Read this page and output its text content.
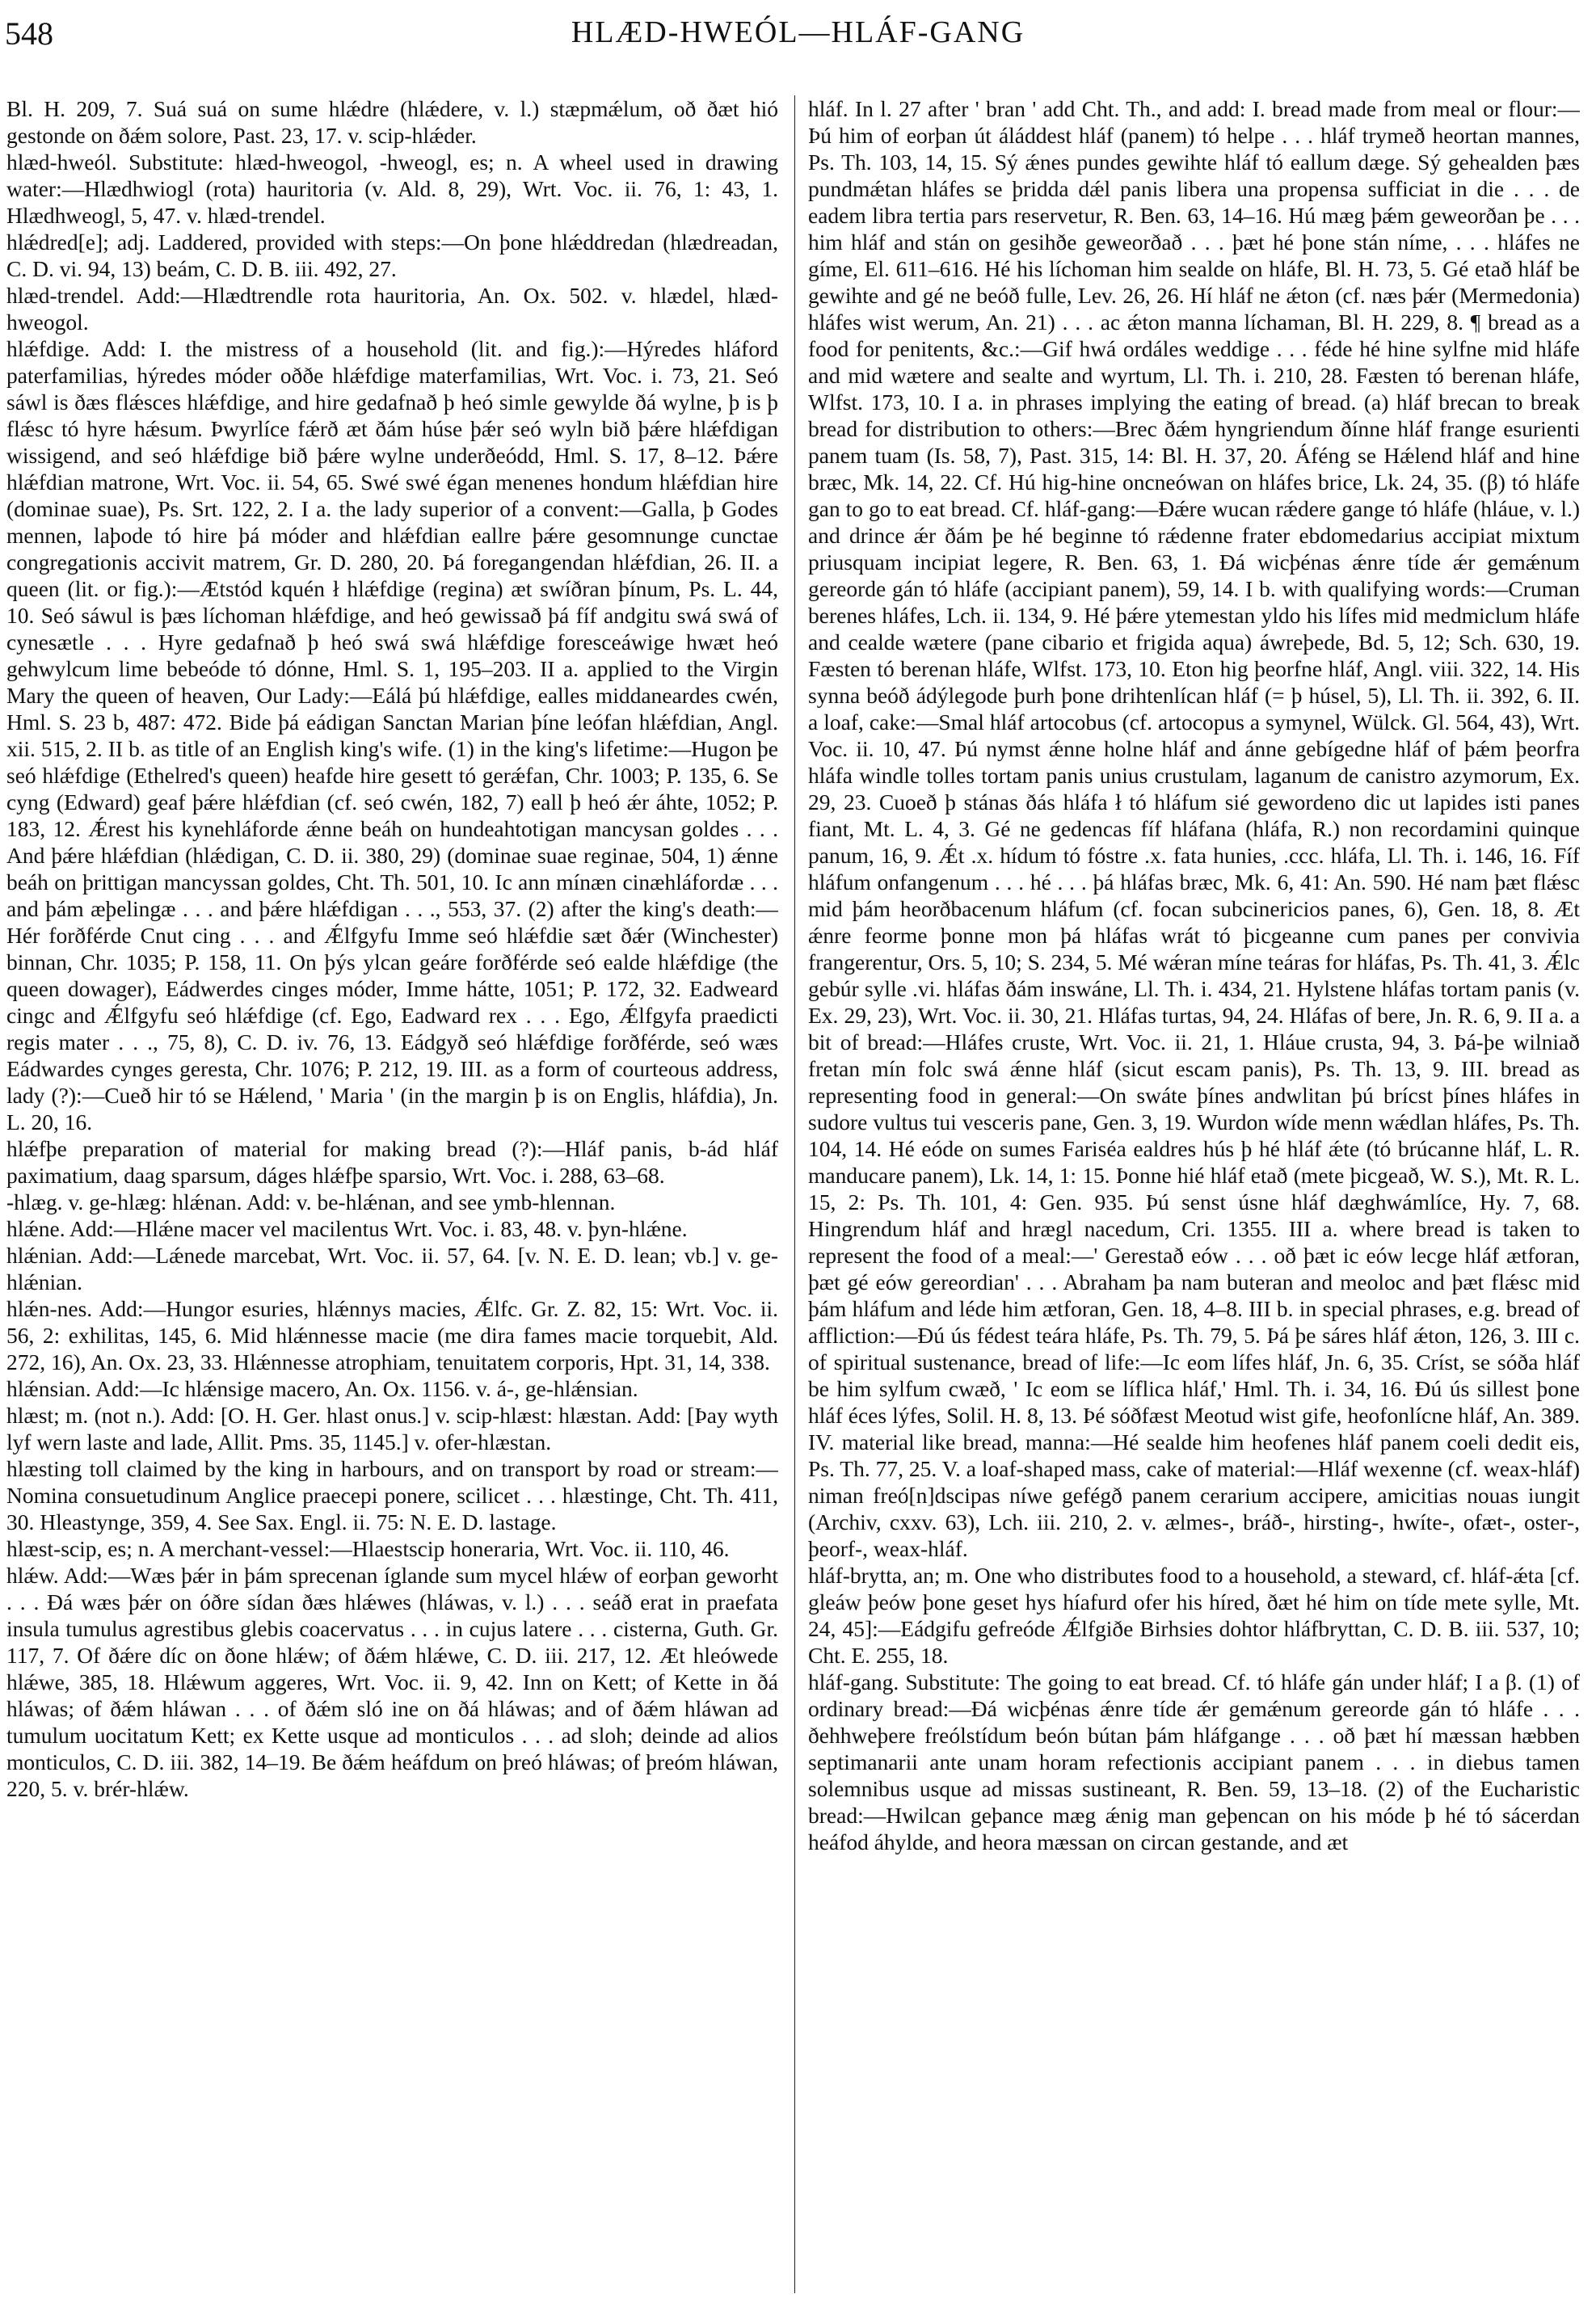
548	HLÆD-HWEÓL—HLÁF-GANG

Bl. H. 209, 7. Suá suá on sume hlǽdre (hlǽdere, v. l.) stæpmǽlum, oð ðæt hió gestonde on ðǽm solore, Past. 23, 17. v. scip-hlǽder.

hlæd-hweól. Substitute: hlæd-hweogol, -hweogl, es; n. A wheel used in drawing water:—Hlædhwiogl (rota) hauritoria (v. Ald. 8, 29), Wrt. Voc. ii. 76, 1: 43, 1. Hlædhweogl, 5, 47. v. hlæd-trendel.

hlǽdred[e]; adj. Laddered, provided with steps:—On þone hlǽddredan (hlædreadan, C. D. vi. 94, 13) beám, C. D. B. iii. 492, 27.

hlæd-trendel. Add:—Hlædtrendle rota hauritoria, An. Ox. 502. v. hlædel, hlæd-hweogol.

hlǽfdige. Add: I. the mistress of a household (lit. and fig.):—Hýredes hláford paterfamilias, hýredes móder oððe hlǽfdige materfamilias, Wrt. Voc. i. 73, 21. Seó sáwl is ðæs flǽsces hlǽfdige, and hire gedafnað þ heó simle gewylde ðá wylne, þ is þ flǽsc tó hyre hǽsum. Þwyrlíce fǽrð æt ðám húse þǽr seó wyln bið þǽre hlǽfdigan wissigend, and seó hlǽfdige bið þǽre wylne underðeódd, Hml. S. 17, 8–12. Þǽre hlǽfdian matrone, Wrt. Voc. ii. 54, 65. Swé swé égan menenes hondum hlǽfdian hire (dominae suae), Ps. Srt. 122, 2. I a. the lady superior of a convent:—Galla, þ Godes mennen, laþode tó hire þá móder and hlǽfdian eallre þǽre gesomnunge cunctae congregationis accivit matrem, Gr. D. 280, 20. Þá foregangendan hlǽfdian, 26. II. a queen (lit. or fig.):—Ætstód kquén ł hlǽfdige (regina) æt swíðran þínum, Ps. L. 44, 10. Seó sáwul is þæs líchoman hlǽfdige, and heó gewissað þá fíf andgitu swá swá of cynesætle . . . Hyre gedafnað þ heó swá swá hlǽfdige foresceáwige hwæt heó gehwylcum lime bebeóde tó dónne, Hml. S. 1, 195–203. II a. applied to the Virgin Mary the queen of heaven, Our Lady:—Eálá þú hlǽfdige, ealles middaneardes cwén, Hml. S. 23 b, 487: 472. Bide þá eádigan Sanctan Marian þíne leófan hlǽfdian, Angl. xii. 515, 2. II b. as title of an English king's wife. (1) in the king's lifetime:—Hugon þe seó hlǽfdige (Ethelred's queen) heafde hire gesett tó gerǽfan, Chr. 1003; P. 135, 6. Se cyng (Edward) geaf þǽre hlǽfdian (cf. seó cwén, 182, 7) eall þ heó ǽr áhte, 1052; P. 183, 12. Ǽrest his kynehláforde ǽnne beáh on hundeahtotigan mancysan goldes . . . And þǽre hlǽfdian (hlǽdigan, C. D. ii. 380, 29) (dominae suae reginae, 504, 1) ǽnne beáh on þrittigan mancyssan goldes, Cht. Th. 501, 10. Ic ann mínæn cinæhláfordæ . . . and þám æþelingæ . . . and þǽre hlǽfdigan . . ., 553, 37. (2) after the king's death:—Hér forðférde Cnut cing . . . and Ǽlfgyfu Imme seó hlǽfdie sæt ðǽr (Winchester) binnan, Chr. 1035; P. 158, 11. On þýs ylcan geáre forðférde seó ealde hlǽfdige (the queen dowager), Eádwerdes cinges móder, Imme hátte, 1051; P. 172, 32. Eadweard cingc and Ǽlfgyfu seó hlǽfdige (cf. Ego, Eadward rex . . . Ego, Ǽlfgyfa praedicti regis mater . . ., 75, 8), C. D. iv. 76, 13. Eádgyð seó hlǽfdige forðférde, seó wæs Eádwardes cynges geresta, Chr. 1076; P. 212, 19. III. as a form of courteous address, lady (?):—Cueð hir tó se Hǽlend, ' Maria ' (in the margin þ is on Englis, hláfdia), Jn. L. 20, 16.

hlǽfþe preparation of material for making bread (?):—Hláf panis, b-ád hláf paximatium, daag sparsum, dáges hlǽfþe sparsio, Wrt. Voc. i. 288, 63–68.

-hlæg. v. ge-hlæg: hlǽnan. Add: v. be-hlǽnan, and see ymb-hlennan.

hlǽne. Add:—Hlǽne macer vel macilentus Wrt. Voc. i. 83, 48. v. þyn-hlǽne.

hlǽnian. Add:—Lǽnede marcebat, Wrt. Voc. ii. 57, 64. [v. N. E. D. lean; vb.] v. ge-hlǽnian.

hlǽn-nes. Add:—Hungor esuries, hlǽnnys macies, Ǽlfc. Gr. Z. 82, 15: Wrt. Voc. ii. 56, 2: exhilitas, 145, 6. Mid hlǽnnesse macie (me dira fames macie torquebit, Ald. 272, 16), An. Ox. 23, 33. Hlǽnnesse atrophiam, tenuitatem corporis, Hpt. 31, 14, 338.

hlǽnsian. Add:—Ic hlǽnsige macero, An. Ox. 1156. v. á-, ge-hlǽnsian.

hlæst; m. (not n.). Add: [O. H. Ger. hlast onus.] v. scip-hlæst: hlæstan. Add: [Þay wyth lyf wern laste and lade, Allit. Pms. 35, 1145.] v. ofer-hlæstan.

hlæsting toll claimed by the king in harbours, and on transport by road or stream:—Nomina consuetudinum Anglice praecepi ponere, scilicet . . . hlæstinge, Cht. Th. 411, 30. Hleastynge, 359, 4. See Sax. Engl. ii. 75: N. E. D. lastage.

hlæst-scip, es; n. A merchant-vessel:—Hlaestscip honeraria, Wrt. Voc. ii. 110, 46.

hlǽw. Add:—Wæs þǽr in þám sprecenan íglande sum mycel hlǽw of eorþan geworht . . . Ðá wæs þǽr on óðre sídan ðæs hlǽwes (hláwas, v. l.) . . . seáð erat in praefata insula tumulus agrestibus glebis coacervatus . . . in cujus latere . . . cisterna, Guth. Gr. 117, 7. Of ðǽre díc on ðone hlǽw; of ðǽm hlǽwe, C. D. iii. 217, 12. Æt hleówede hlǽwe, 385, 18. Hlǽwum aggeres, Wrt. Voc. ii. 9, 42. Inn on Kett; of Kette in ðá hláwas; of ðǽm hláwan . . . of ðǽm sló ine on ðá hláwas; and of ðǽm hláwan ad tumulum uocitatum Kett; ex Kette usque ad monticulos . . . ad sloh; deinde ad alios monticulos, C. D. iii. 382, 14–19. Be ðǽm heáfdum on þreó hláwas; of þreóm hláwan, 220, 5. v. brér-hlǽw.

hláf. In l. 27 after ' bran ' add Cht. Th., and add: I. bread made from meal or flour:—Þú him of eorþan út áláddest hláf (panem) tó helpe . . . hláf trymeð heortan mannes, Ps. Th. 103, 14, 15. Sý ǽnes pundes gewihte hláf tó eallum dæge. Sý gehealden þæs pundmǽtan hláfes se þridda dǽl panis libera una propensa sufficiat in die . . . de eadem libra tertia pars reservetur, R. Ben. 63, 14–16. Hú mæg þǽm geweorðan þe . . . him hláf and stán on gesihðe geweorðað . . . þæt hé þone stán níme, . . . hláfes ne gíme, El. 611–616. Hé his líchoman him sealde on hláfe, Bl. H. 73, 5. Gé etað hláf be gewihte and gé ne beóð fulle, Lev. 26, 26. Hí hláf ne ǽton (cf. næs þǽr (Mermedonia) hláfes wist werum, An. 21) . . . ac ǽton manna líchaman, Bl. H. 229, 8. ¶ bread as a food for penitents, &c.:—Gif hwá ordáles weddige . . . féde hé hine sylfne mid hláfe and mid wætere and sealte and wyrtum, Ll. Th. i. 210, 28. Fæsten tó berenan hláfe, Wlfst. 173, 10. I a. in phrases implying the eating of bread. (a) hláf brecan to break bread for distribution to others:—Brec ðǽm hyngriendum ðínne hláf frange esurienti panem tuam (Is. 58, 7), Past. 315, 14: Bl. H. 37, 20. Áféng se Hǽlend hláf and hine bræc, Mk. 14, 22. Cf. Hú hig-hine oncneówan on hláfes brice, Lk. 24, 35. (β) tó hláfe gan to go to eat bread. Cf. hláf-gang:—Ðǽre wucan rǽdere gange tó hláfe (hláue, v. l.) and drince ǽr ðám þe hé beginne tó rǽdenne frater ebdomedarius accipiat mixtum priusquam incipiat legere, R. Ben. 63, 1. Ðá wicþénas ǽnre tíde ǽr gemǽnum gereorde gán tó hláfe (accipiant panem), 59, 14. I b. with qualifying words:—Cruman berenes hláfes, Lch. ii. 134, 9. Hé þǽre ytemestan yldo his lífes mid medmiclum hláfe and cealde wætere (pane cibario et frigida aqua) áwreþede, Bd. 5, 12; Sch. 630, 19. Fæsten tó berenan hláfe, Wlfst. 173, 10. Eton hig þeorfne hláf, Angl. viii. 322, 14. His synna beóð ádýlegode þurh þone drihtenlícan hláf (= þ húsel, 5), Ll. Th. ii. 392, 6. II. a loaf, cake:—Smal hláf artocobus (cf. artocopus a symynel, Wülck. Gl. 564, 43), Wrt. Voc. ii. 10, 47. Þú nymst ǽnne holne hláf and ánne gebígedne hláf of þǽm þeorfra hláfa windle tolles tortam panis unius crustulam, laganum de canistro azymorum, Ex. 29, 23. Cuoeð þ stánas ðás hláfa ł tó hláfum sié gewordeno dic ut lapides isti panes fiant, Mt. L. 4, 3. Gé ne gedencas fíf hláfana (hláfa, R.) non recordamini quinque panum, 16, 9. Ǽt .x. hídum tó fóstre .x. fata hunies, .ccc. hláfa, Ll. Th. i. 146, 16. Fíf hláfum onfangenum . . . hé . . . þá hláfas bræc, Mk. 6, 41: An. 590. Hé nam þæt flǽsc mid þám heorðbacenum hláfum (cf. focan subcinericios panes, 6), Gen. 18, 8. Æt ǽnre feorme þonne mon þá hláfas wrát tó þicgeanne cum panes per convivia frangerentur, Ors. 5, 10; S. 234, 5. Mé wǽran míne teáras for hláfas, Ps. Th. 41, 3. Ǽlc gebúr sylle .vi. hláfas ðám inswáne, Ll. Th. i. 434, 21. Hylstene hláfas tortam panis (v. Ex. 29, 23), Wrt. Voc. ii. 30, 21. Hláfas turtas, 94, 24. Hláfas of bere, Jn. R. 6, 9. II a. a bit of bread:—Hláfes cruste, Wrt. Voc. ii. 21, 1. Hláue crusta, 94, 3. Þá-þe wilniað fretan mín folc swá ǽnne hláf (sicut escam panis), Ps. Th. 13, 9. III. bread as representing food in general:—On swáte þínes andwlitan þú brícst þínes hláfes in sudore vultus tui vesceris pane, Gen. 3, 19. Wurdon wíde menn wǽdlan hláfes, Ps. Th. 104, 14. Hé eóde on sumes Fariséa ealdres hús þ hé hláf ǽte (tó brúcanne hláf, L. R. manducare panem), Lk. 14, 1: 15. Þonne hié hláf etað (mete þicgeað, W. S.), Mt. R. L. 15, 2: Ps. Th. 101, 4: Gen. 935. Þú senst úsne hláf dæghwámlíce, Hy. 7, 68. Hingrendum hláf and hrægl nacedum, Cri. 1355. III a. where bread is taken to represent the food of a meal:—' Gerestað eów . . . oð þæt ic eów lecge hláf ætforan, þæt gé eów gereordian' . . . Abraham þa nam buteran and meoloc and þæt flǽsc mid þám hláfum and léde him ætforan, Gen. 18, 4–8. III b. in special phrases, e.g. bread of affliction:—Ðú ús fédest teára hláfe, Ps. Th. 79, 5. Þá þe sáres hláf ǽton, 126, 3. III c. of spiritual sustenance, bread of life:—Ic eom lífes hláf, Jn. 6, 35. Críst, se sóða hláf be him sylfum cwæð, ' Ic eom se líflica hláf,' Hml. Th. i. 34, 16. Ðú ús sillest þone hláf éces lýfes, Solil. H. 8, 13. Þé sóðfæst Meotud wist gife, heofonlícne hláf, An. 389. IV. material like bread, manna:—Hé sealde him heofenes hláf panem coeli dedit eis, Ps. Th. 77, 25. V. a loaf-shaped mass, cake of material:—Hláf wexenne (cf. weax-hláf) niman freó[n]dscipas níwe gefégð panem cerarium accipere, amicitias nouas iungit (Archiv, cxxv. 63), Lch. iii. 210, 2. v. ælmes-, bráð-, hirsting-, hwíte-, ofæt-, oster-, þeorf-, weax-hláf.

hláf-brytta, an; m. One who distributes food to a household, a steward, cf. hláf-ǽta [cf. gleáw þeów þone geset hys híafurd ofer his híred, ðæt hé him on tíde mete sylle, Mt. 24, 45]:—Eádgifu gefreóde Ǽlfgiðe Birhsies dohtor hláfbryttan, C. D. B. iii. 537, 10; Cht. E. 255, 18.

hláf-gang. Substitute: The going to eat bread. Cf. tó hláfe gán under hláf; I a β. (1) of ordinary bread:—Ðá wicþénas ǽnre tíde ǽr gemǽnum gereorde gán tó hláfe . . . ðehhweþere freólstídum beón bútan þám hláfgange . . . oð þæt hí mæssan hæbben septimanarii ante unam horam refectionis accipiant panem . . . in diebus tamen solemnibus usque ad missas sustineant, R. Ben. 59, 13–18. (2) of the Eucharistic bread:—Hwilcan geþance mæg ǽnig man geþencan on his móde þ hé tó sácerdan heáfod áhylde, and heora mæssan on circan gestande, and æt
